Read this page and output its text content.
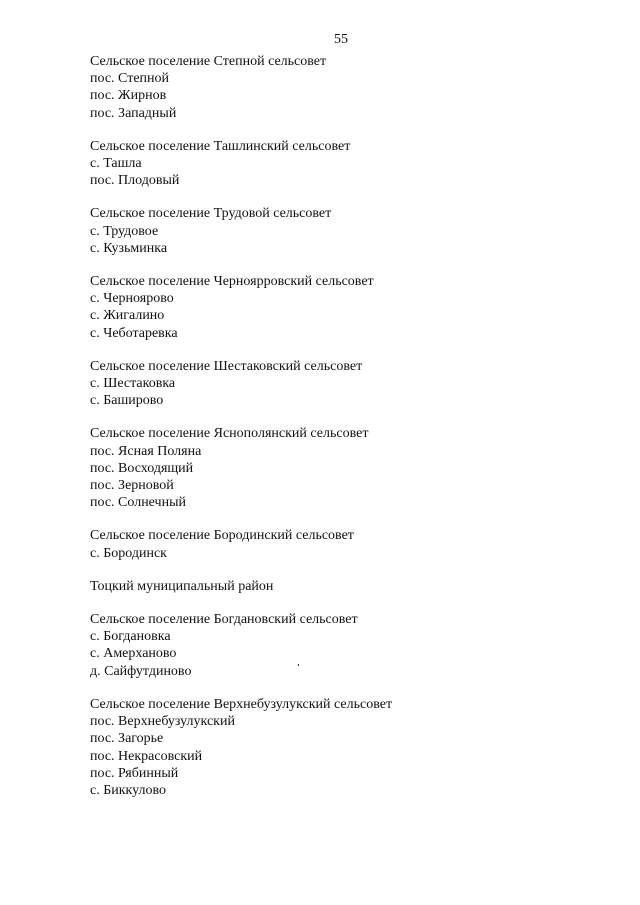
55
Сельское поселение Степной сельсовет
пос. Степной
пос. Жирнов
пос. Западный
Сельское поселение Ташлинский сельсовет
с. Ташла
пос. Плодовый
Сельское поселение Трудовой сельсовет
с. Трудовое
с. Кузьминка
Сельское поселение Черноярровский сельсовет
с. Черноярово
с. Жигалино
с. Чеботаревка
Сельское поселение Шестаковский сельсовет
с. Шестаковка
с. Баширово
Сельское поселение Яснополянский сельсовет
пос. Ясная Поляна
пос. Восходящий
пос. Зерновой
пос. Солнечный
Сельское поселение Бородинский сельсовет
с. Бородинск
Тоцкий муниципальный район
Сельское поселение Богдановский сельсовет
с. Богдановка
с. Амерханово
д. Сайфутдиново
Сельское поселение Верхнебузулукский сельсовет
пос. Верхнебузулукский
пос. Загорье
пос. Некрасовский
пос. Рябинный
с. Биккулово
